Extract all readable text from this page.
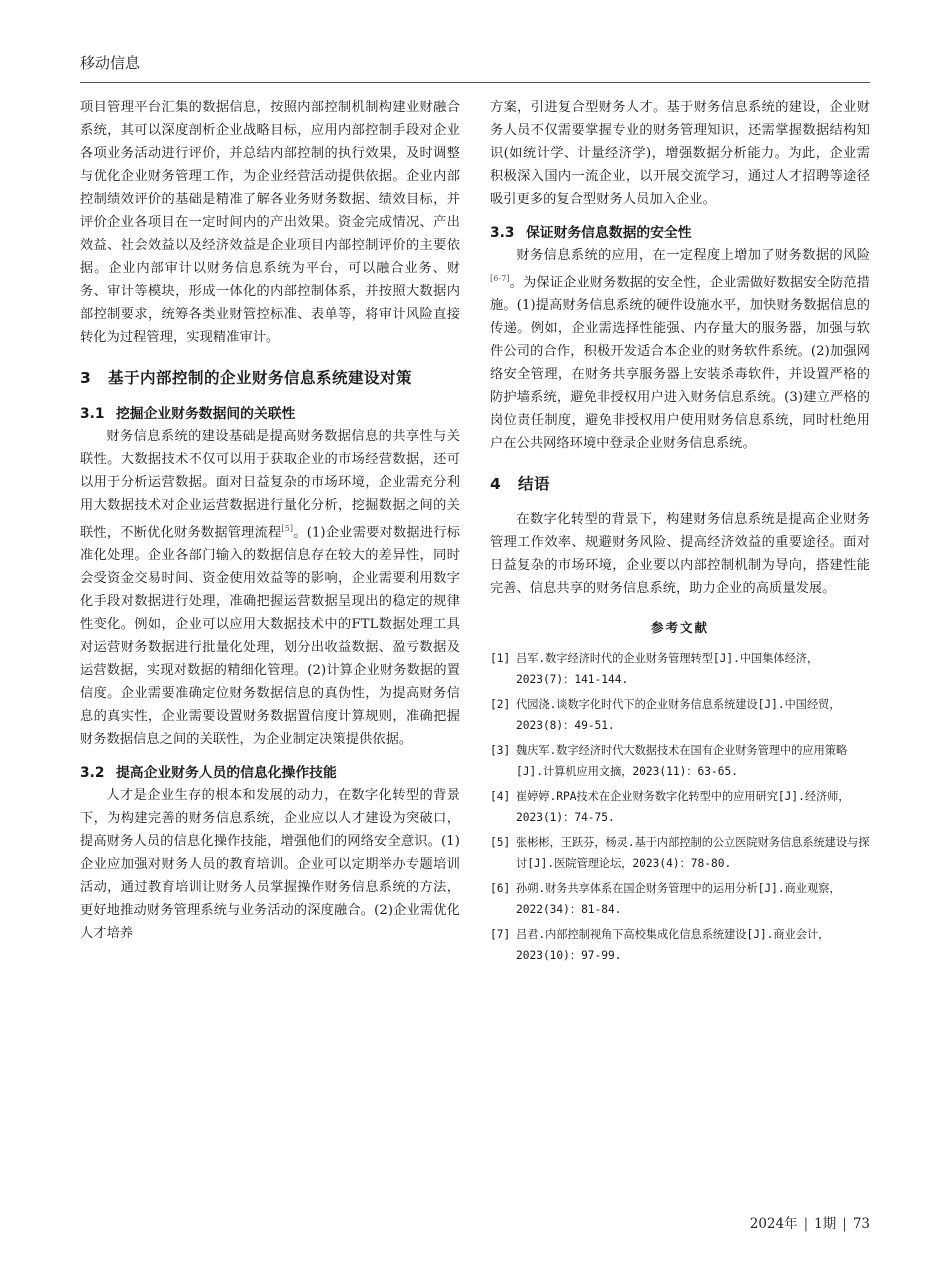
移动信息

项目管理平台汇集的数据信息，按照内部控制机制构建业财融合系统，其可以深度剖析企业战略目标，应用内部控制手段对企业各项业务活动进行评价，并总结内部控制的执行效果，及时调整与优化企业财务管理工作，为企业经营活动提供依据。企业内部控制绩效评价的基础是精准了解各业务财务数据、绩效目标，并评价企业各项目在一定时间内的产出效果。资金完成情况、产出效益、社会效益以及经济效益是企业项目内部控制评价的主要依据。企业内部审计以财务信息系统为平台，可以融合业务、财务、审计等模块，形成一体化的内部控制体系，并按照大数据内部控制要求，统筹各类业财管控标准、表单等，将审计风险直接转化为过程管理，实现精准审计。

3 基于内部控制的企业财务信息系统建设对策
3.1 挖掘企业财务数据间的关联性

财务信息系统的建设基础是提高财务数据信息的共享性与关联性。大数据技术不仅可以用于获取企业的市场经营数据，还可以用于分析运营数据。面对日益复杂的市场环境，企业需充分利用大数据技术对企业运营数据进行量化分析，挖掘数据之间的关联性，不断优化财务数据管理流程[5]。(1)企业需要对数据进行标准化处理。企业各部门输入的数据信息存在较大的差异性，同时会受资金交易时间、资金使用效益等的影响，企业需要利用数字化手段对数据进行处理，准确把握运营数据呈现出的稳定的规律性变化。例如，企业可以应用大数据技术中的FTL数据处理工具对运营财务数据进行批量化处理，划分出收益数据、盈亏数据及运营数据，实现对数据的精细化管理。(2)计算企业财务数据的置信度。企业需要准确定位财务数据信息的真伪性，为提高财务信息的真实性，企业需要设置财务数据置信度计算规则，准确把握财务数据信息之间的关联性，为企业制定决策提供依据。

3.2 提高企业财务人员的信息化操作技能

人才是企业生存的根本和发展的动力，在数字化转型的背景下，为构建完善的财务信息系统，企业应以人才建设为突破口，提高财务人员的信息化操作技能，增强他们的网络安全意识。(1)企业应加强对财务人员的教育培训。企业可以定期举办专题培训活动，通过教育培训让财务人员掌握操作财务信息系统的方法，更好地推动财务管理系统与业务活动的深度融合。(2)企业需优化人才培养

方案，引进复合型财务人才。基于财务信息系统的建设，企业财务人员不仅需要掌握专业的财务管理知识，还需掌握数据结构知识(如统计学、计量经济学)，增强数据分析能力。为此，企业需积极深入国内一流企业，以开展交流学习，通过人才招聘等途径吸引更多的复合型财务人员加入企业。

3.3 保证财务信息数据的安全性

财务信息系统的应用，在一定程度上增加了财务数据的风险[6-7]。为保证企业财务数据的安全性，企业需做好数据安全防范措施。(1)提高财务信息系统的硬件设施水平，加快财务数据信息的传递。例如，企业需选择性能强、内存量大的服务器，加强与软件公司的合作，积极开发适合本企业的财务软件系统。(2)加强网络安全管理，在财务共享服务器上安装杀毒软件，并设置严格的防护墙系统，避免非授权用户进入财务信息系统。(3)建立严格的岗位责任制度，避免非授权用户使用财务信息系统，同时杜绝用户在公共网络环境中登录企业财务信息系统。

4 结语

在数字化转型的背景下，构建财务信息系统是提高企业财务管理工作效率、规避财务风险、提高经济效益的重要途径。面对日益复杂的市场环境，企业要以内部控制机制为导向，搭建性能完善、信息共享的财务信息系统，助力企业的高质量发展。

参考文献

[1] 吕军.数字经济时代的企业财务管理转型[J].中国集体经济，2023(7)：141-144.

[2] 代园浇.谈数字化时代下的企业财务信息系统建设[J].中国经贸，2023(8)：49-51.

[3] 魏庆军.数字经济时代大数据技术在国有企业财务管理中的应用策略[J].计算机应用文摘，2023(11)：63-65.

[4] 崔婷婷.RPA技术在企业财务数字化转型中的应用研究[J].经济师，2023(1)：74-75.

[5] 张彬彬，王跃芬，杨灵.基于内部控制的公立医院财务信息系统建设与探讨[J].医院管理论坛，2023(4)：78-80.

[6] 孙朔.财务共享体系在国企财务管理中的运用分析[J].商业观察，2022(34)：81-84.

[7] 吕君.内部控制视角下高校集成化信息系统建设[J].商业会计，2023(10)：97-99.

2024年 | 1期 | 73
